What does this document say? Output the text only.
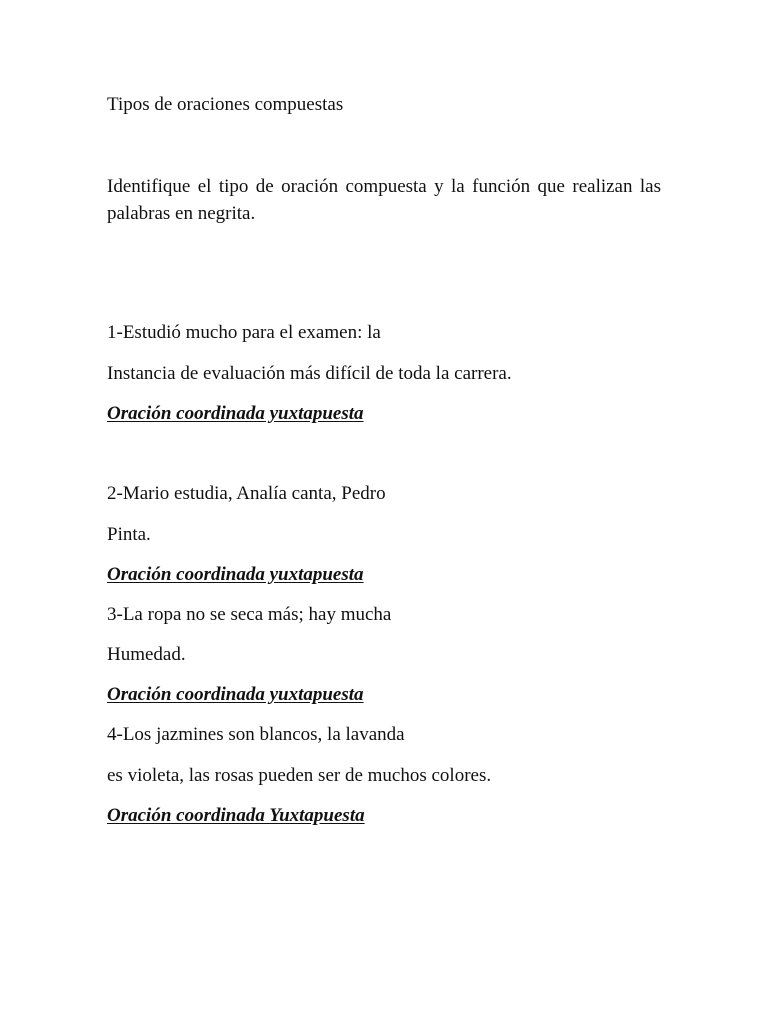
Tipos de oraciones compuestas

Identifique el tipo de oración compuesta y la función que realizan las palabras en negrita.

1-Estudió mucho para el examen: la

Instancia de evaluación más difícil de toda la carrera.

Oración coordinada yuxtapuesta

2-Mario estudia, Analía canta, Pedro

Pinta.

Oración coordinada yuxtapuesta

3-La ropa no se seca más; hay mucha

Humedad.

Oración coordinada yuxtapuesta

4-Los jazmines son blancos, la lavanda

es violeta, las rosas pueden ser de muchos colores.

Oración coordinada Yuxtapuesta
